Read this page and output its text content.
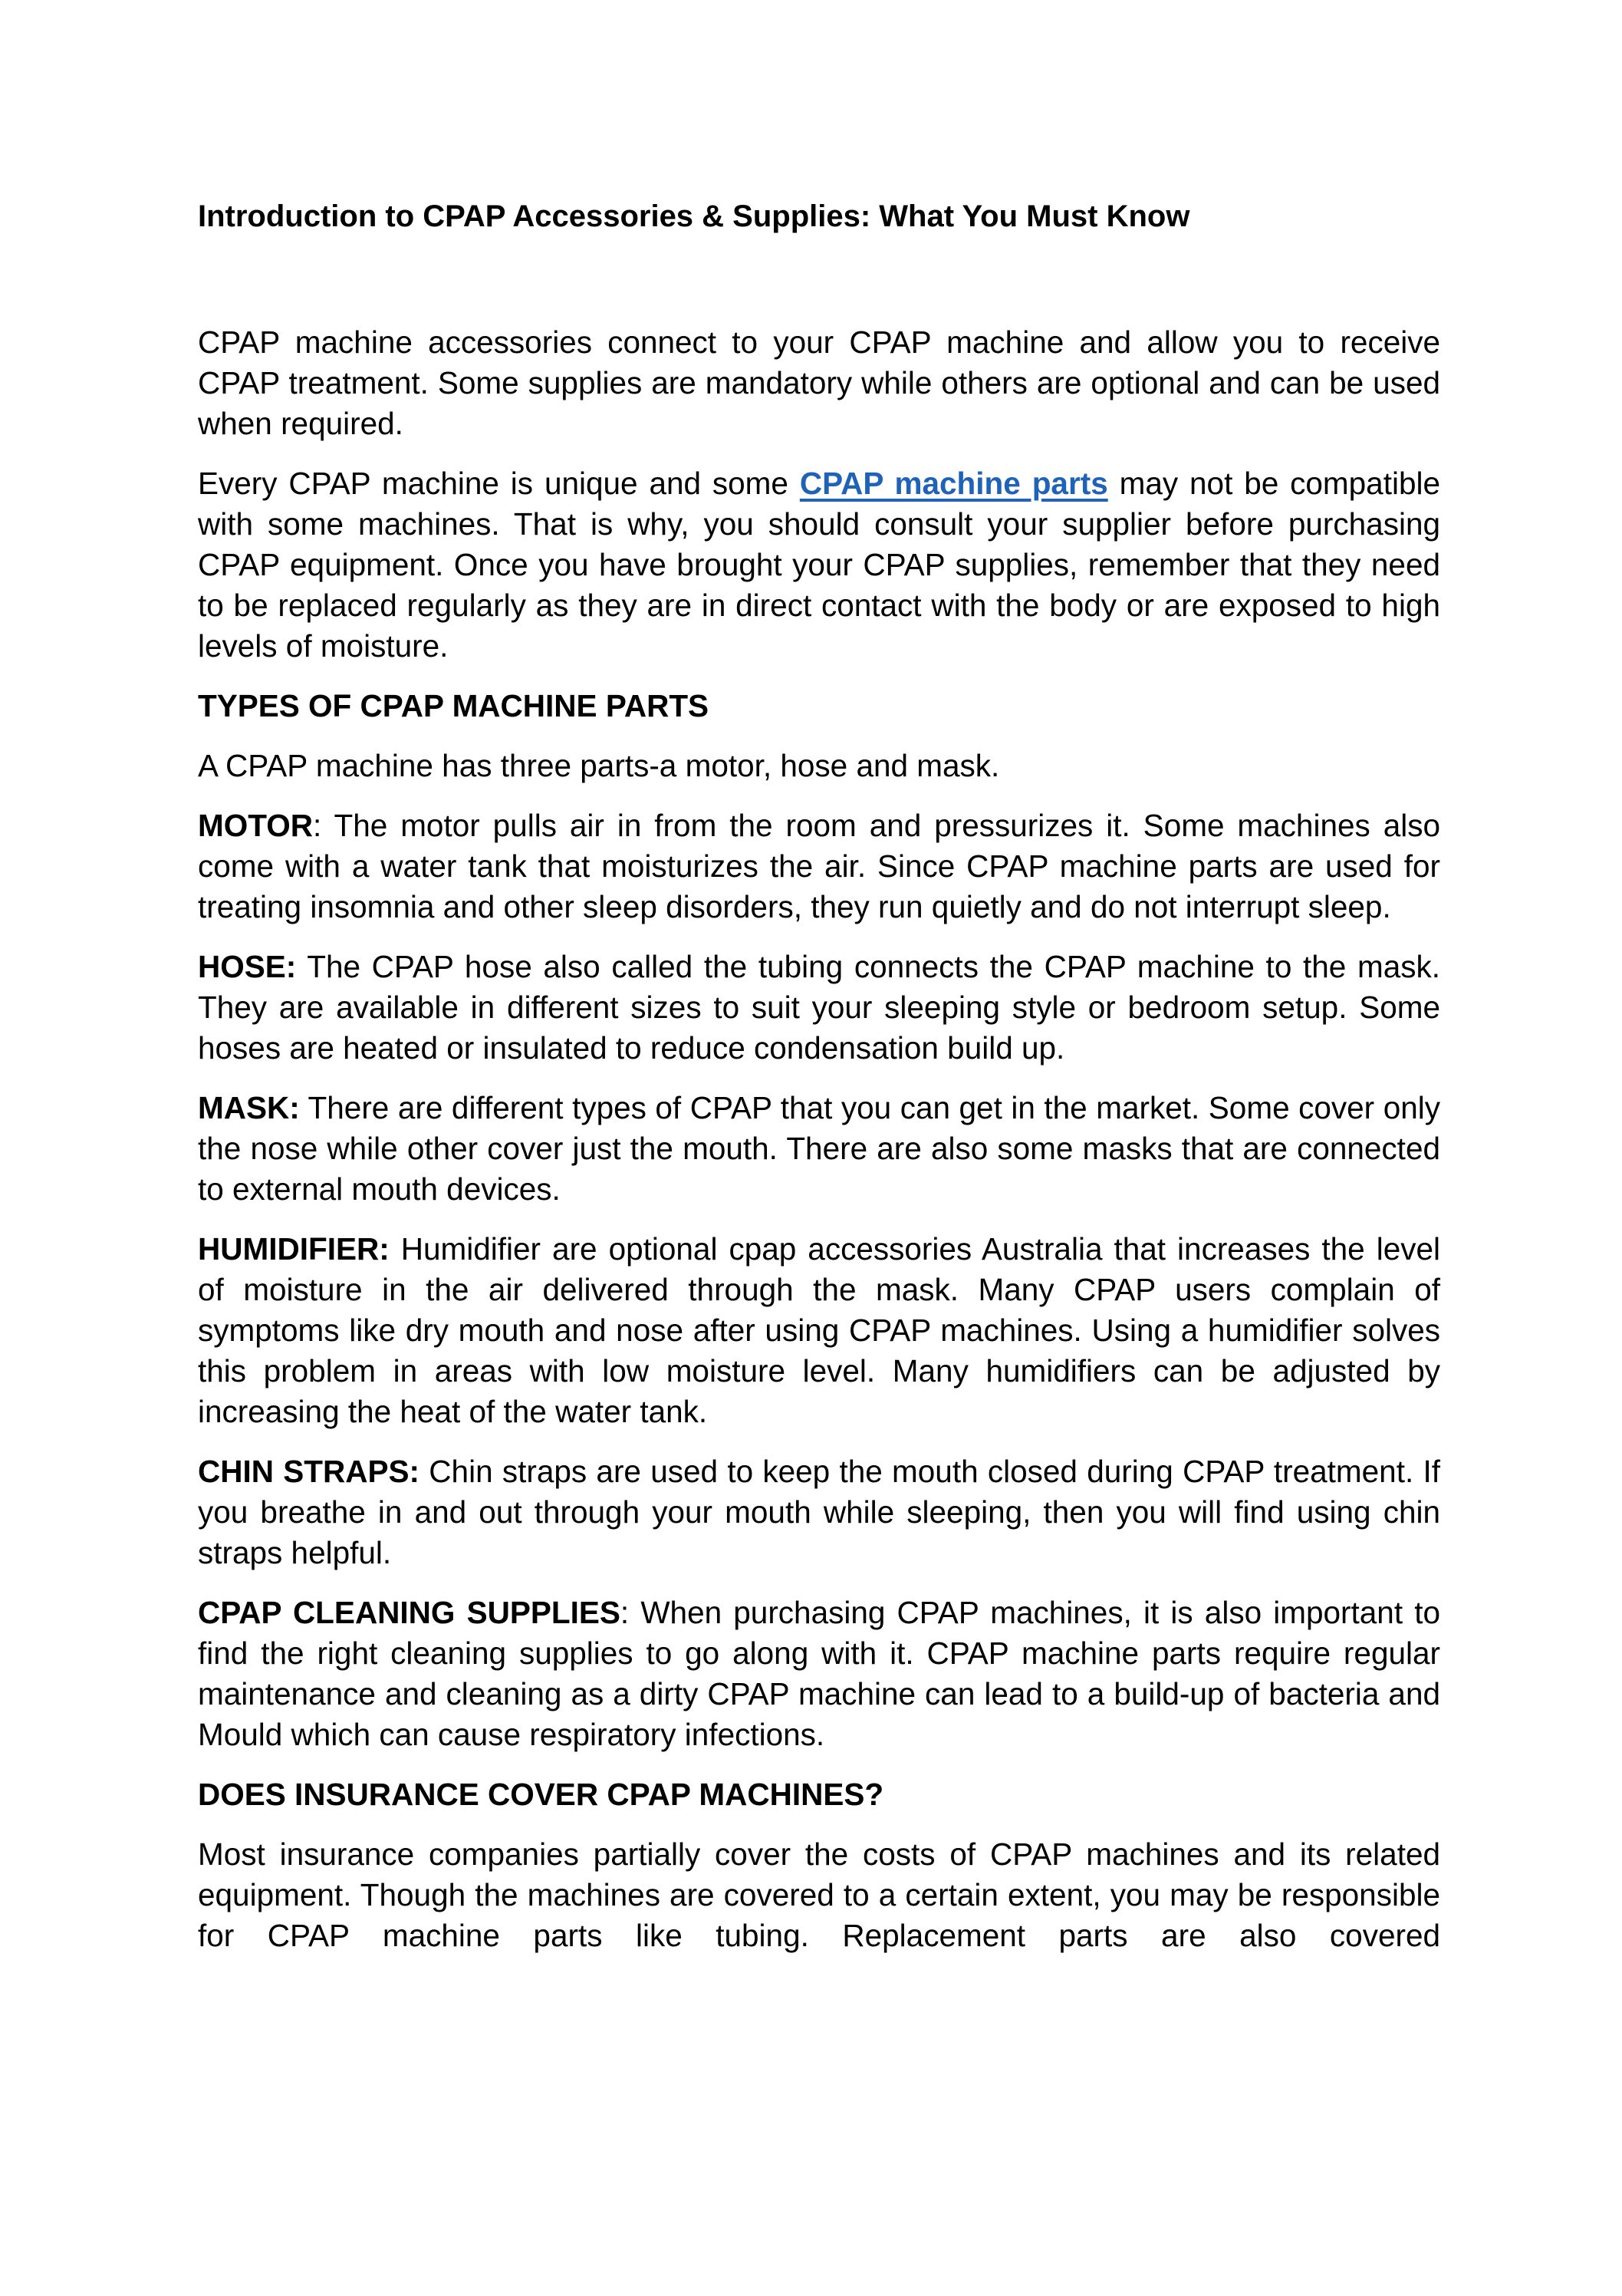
Introduction to CPAP Accessories & Supplies: What You Must Know

CPAP machine accessories connect to your CPAP machine and allow you to receive CPAP treatment. Some supplies are mandatory while others are optional and can be used when required.

Every CPAP machine is unique and some CPAP machine parts may not be compatible with some machines. That is why, you should consult your supplier before purchasing CPAP equipment. Once you have brought your CPAP supplies, remember that they need to be replaced regularly as they are in direct contact with the body or are exposed to high levels of moisture.

TYPES OF CPAP MACHINE PARTS

A CPAP machine has three parts-a motor, hose and mask.

MOTOR: The motor pulls air in from the room and pressurizes it. Some machines also come with a water tank that moisturizes the air. Since CPAP machine parts are used for treating insomnia and other sleep disorders, they run quietly and do not interrupt sleep.

HOSE: The CPAP hose also called the tubing connects the CPAP machine to the mask. They are available in different sizes to suit your sleeping style or bedroom setup. Some hoses are heated or insulated to reduce condensation build up.

MASK: There are different types of CPAP that you can get in the market. Some cover only the nose while other cover just the mouth. There are also some masks that are connected to external mouth devices.

HUMIDIFIER: Humidifier are optional cpap accessories Australia that increases the level of moisture in the air delivered through the mask. Many CPAP users complain of symptoms like dry mouth and nose after using CPAP machines. Using a humidifier solves this problem in areas with low moisture level. Many humidifiers can be adjusted by increasing the heat of the water tank.

CHIN STRAPS: Chin straps are used to keep the mouth closed during CPAP treatment. If you breathe in and out through your mouth while sleeping, then you will find using chin straps helpful.

CPAP CLEANING SUPPLIES: When purchasing CPAP machines, it is also important to find the right cleaning supplies to go along with it. CPAP machine parts require regular maintenance and cleaning as a dirty CPAP machine can lead to a build-up of bacteria and Mould which can cause respiratory infections.

DOES INSURANCE COVER CPAP MACHINES?

Most insurance companies partially cover the costs of CPAP machines and its related equipment. Though the machines are covered to a certain extent, you may be responsible for CPAP machine parts like tubing. Replacement parts are also covered
